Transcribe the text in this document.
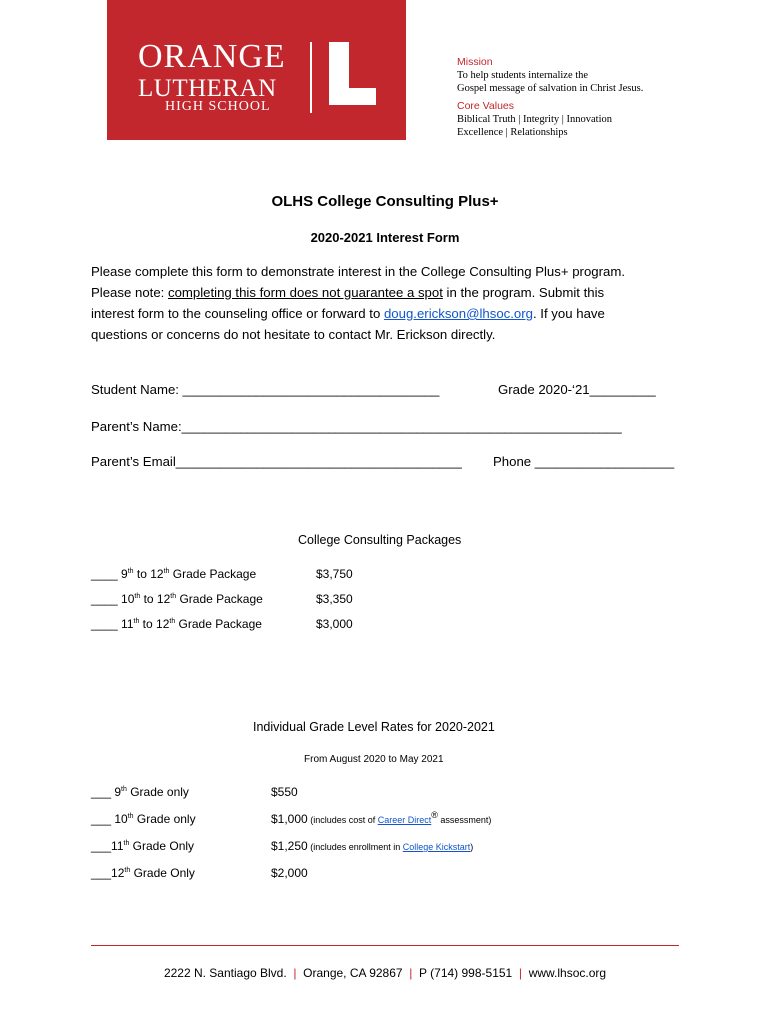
ORANGE
LUTHERAN
HIGH SCHOOL
Mission
To help students internalize the
Gospel message of salvation in Christ Jesus.
Core Values
Biblical Truth | Integrity | Innovation
Excellence | Relationships
OLHS College Consulting Plus+
2020-2021 Interest Form
Please complete this form to demonstrate interest in the College Consulting Plus+ program.
Please note: completing this form does not guarantee a spot in the program. Submit this
interest form to the counseling office or forward to doug.erickson@lhsoc.org. If you have
questions or concerns do not hesitate to contact Mr. Erickson directly.
Student Name: ___________________________________	Grade 2020-‘21_________
Parent’s Name:____________________________________________________________
Parent’s Email_______________________________________ Phone ___________________
College Consulting Packages
____ 9th to 12th Grade Package	$3,750
____ 10th to 12th Grade Package	$3,350
____ 11th to 12th Grade Package	$3,000
Individual Grade Level Rates for 2020-2021
From August 2020 to May 2021
___ 9th Grade only	$550
___ 10th Grade only	$1,000 (includes cost of Career Direct® assessment)
___11th Grade Only	$1,250 (includes enrollment in College Kickstart)
___12th Grade Only	$2,000
2222 N. Santiago Blvd. | Orange, CA 92867 | P (714) 998-5151 | www.lhsoc.org
